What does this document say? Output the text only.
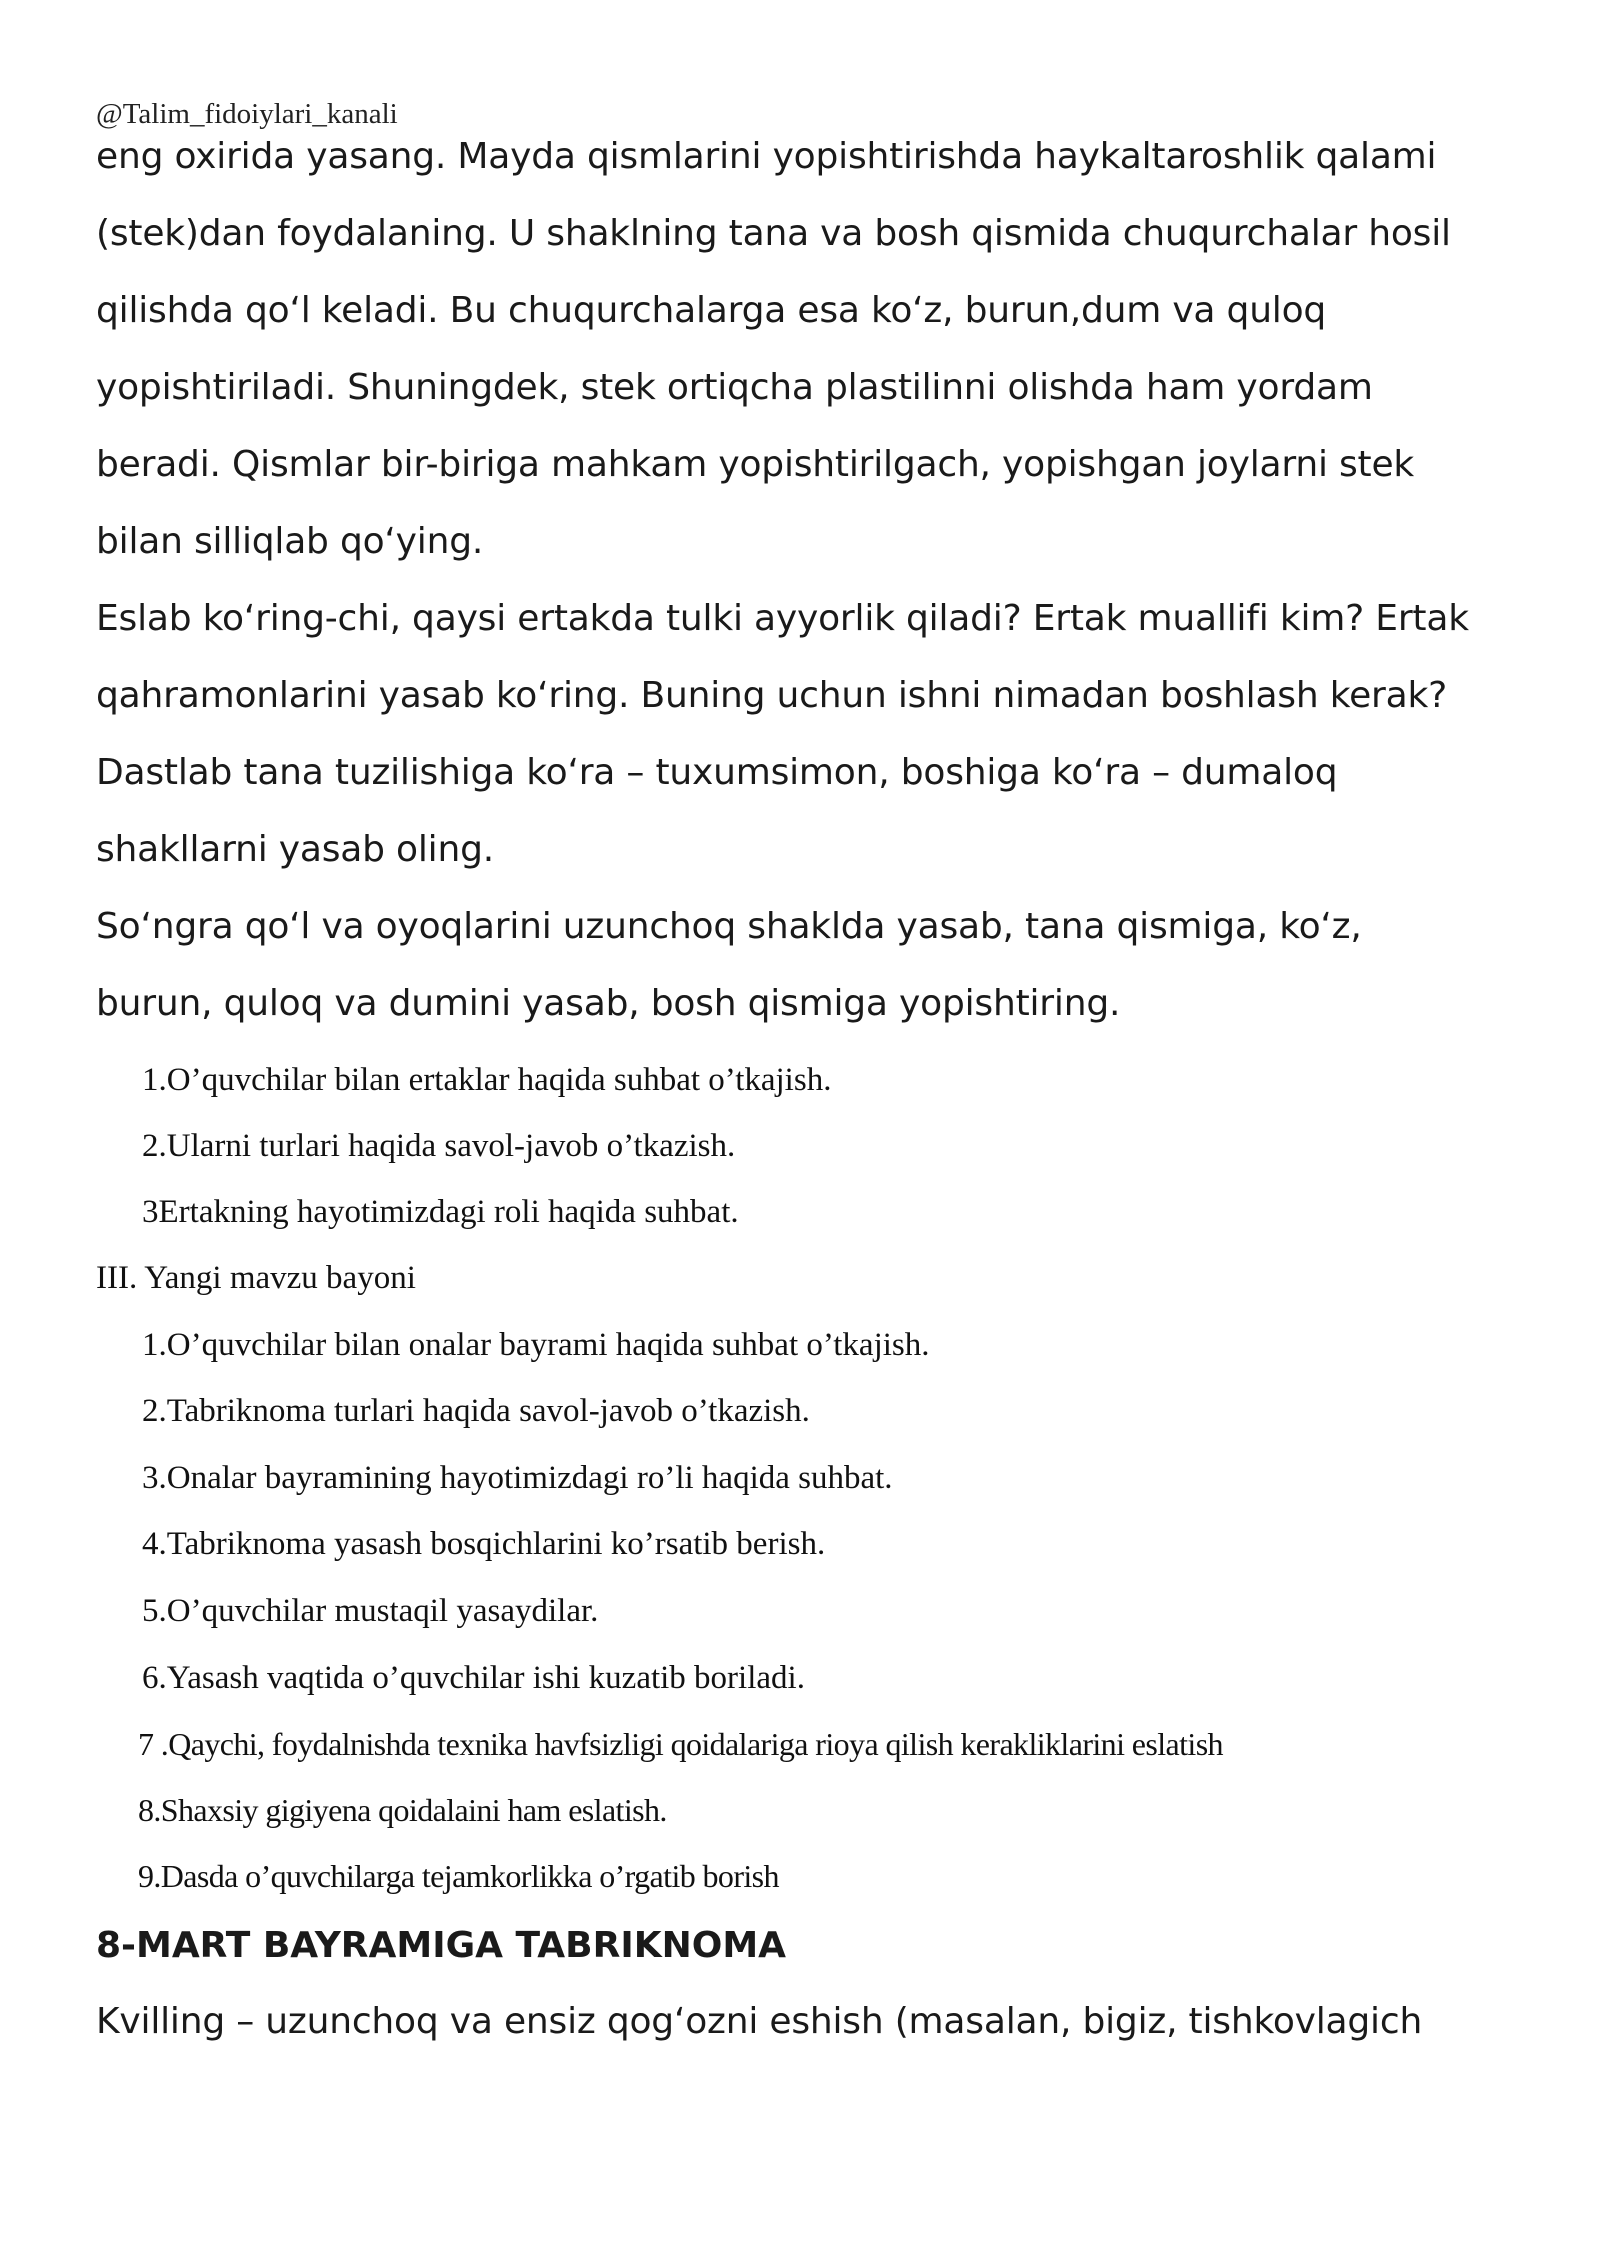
@Talim_fidoiylari_kanali
eng oxirida yasang. Mayda qismlarini yopishtirishda haykaltaroshlik qalami
(stek)dan foydalaning. U shaklning tana va bosh qismida chuqurchalar hosil
qilishda qo‘l keladi. Bu chuqurchalarga esa ko‘z, burun,dum va quloq
yopishtiriladi. Shuningdek, stek ortiqcha plastilinni olishda ham yordam
beradi. Qismlar bir-biriga mahkam yopishtirilgach, yopishgan joylarni stek
bilan silliqlab qo‘ying.
Eslab ko‘ring-chi, qaysi ertakda tulki ayyorlik qiladi? Ertak muallifi kim? Ertak
qahramonlarini yasab ko‘ring. Buning uchun ishni nimadan boshlash kerak?
Dastlab tana tuzilishiga ko‘ra – tuxumsimon, boshiga ko‘ra – dumaloq
shakllarni yasab oling.
So‘ngra qo‘l va oyoqlarini uzunchoq shaklda yasab, tana qismiga, ko‘z,
burun, quloq va dumini yasab, bosh qismiga yopishtiring.
1.O’quvchilar bilan ertaklar haqida suhbat o’tkajish.
2.Ularni turlari haqida savol-javob o’tkazish.
3Ertakning hayotimizdagi roli haqida suhbat.
III. Yangi mavzu bayoni
1.O’quvchilar bilan onalar bayrami haqida suhbat o’tkajish.
2.Tabriknoma turlari haqida savol-javob o’tkazish.
3.Onalar bayramining hayotimizdagi ro’li haqida suhbat.
4.Tabriknoma yasash bosqichlarini ko’rsatib berish.
5.O’quvchilar mustaqil yasaydilar.
6.Yasash vaqtida o’quvchilar ishi kuzatib boriladi.
7 .Qaychi, foydalnishda texnika havfsizligi qoidalariga rioya qilish kerakliklarini eslatish
8.Shaxsiy gigiyena qoidalaini ham eslatish.
9.Dasda o’quvchilarga tejamkorlikka o’rgatib borish
8-MART BAYRAMIGA TABRIKNOMA
Kvilling – uzunchoq va ensiz qog‘ozni eshish (masalan, bigiz, tishkovlagich
